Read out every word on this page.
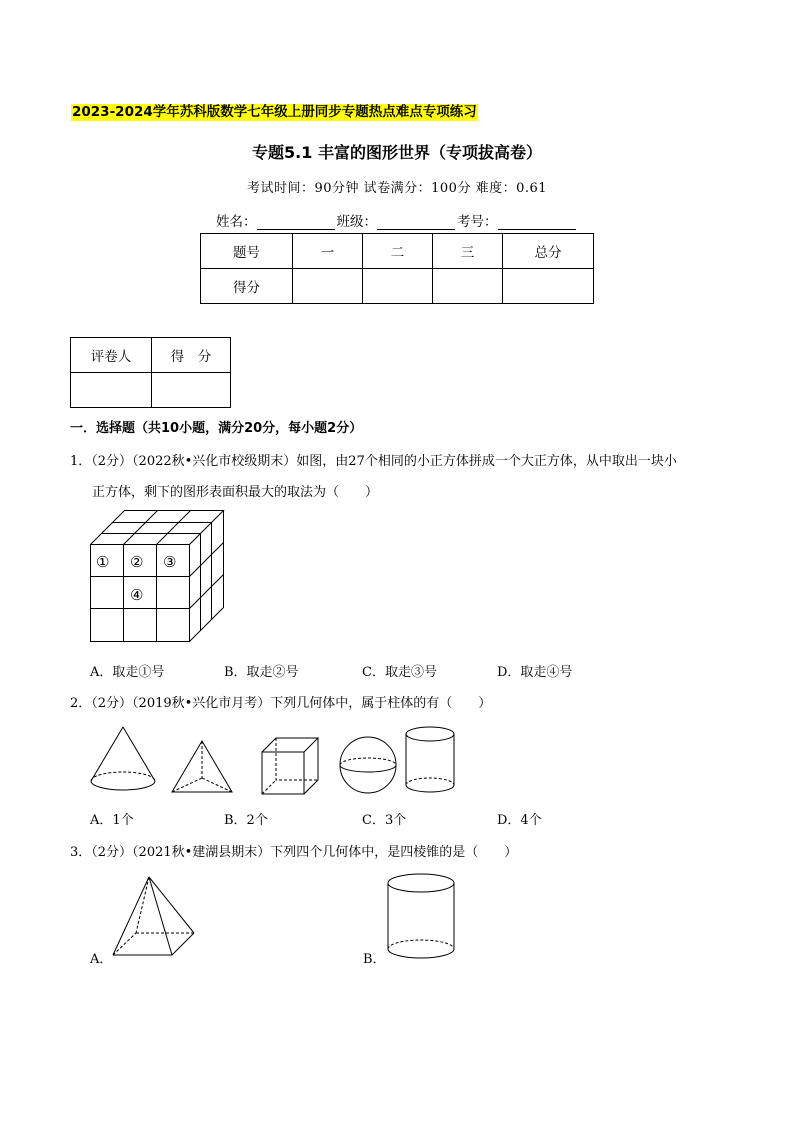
2023-2024学年苏科版数学七年级上册同步专题热点难点专项练习
专题5.1 丰富的图形世界（专项拔高卷）
考试时间：90分钟 试卷满分：100分 难度：0.61
姓名：	班级：	考号：
题号	一	二	三	总分
得分				
评卷人	得　分

一．选择题（共10小题，满分20分，每小题2分）
1．（2分）（2022秋•兴化市校级期末）如图，由27个相同的小正方体拼成一个大正方体，从中取出一块小
正方体，剩下的图形表面积最大的取法为（　　）
① ② ③
④
A．取走①号	B．取走②号	C．取走③号	D．取走④号
2．（2分）（2019秋•兴化市月考）下列几何体中，属于柱体的有（　　）
A．1个	B．2个	C．3个	D．4个
3．（2分）（2021秋•建湖县期末）下列四个几何体中，是四棱锥的是（　　）
A．	B．
